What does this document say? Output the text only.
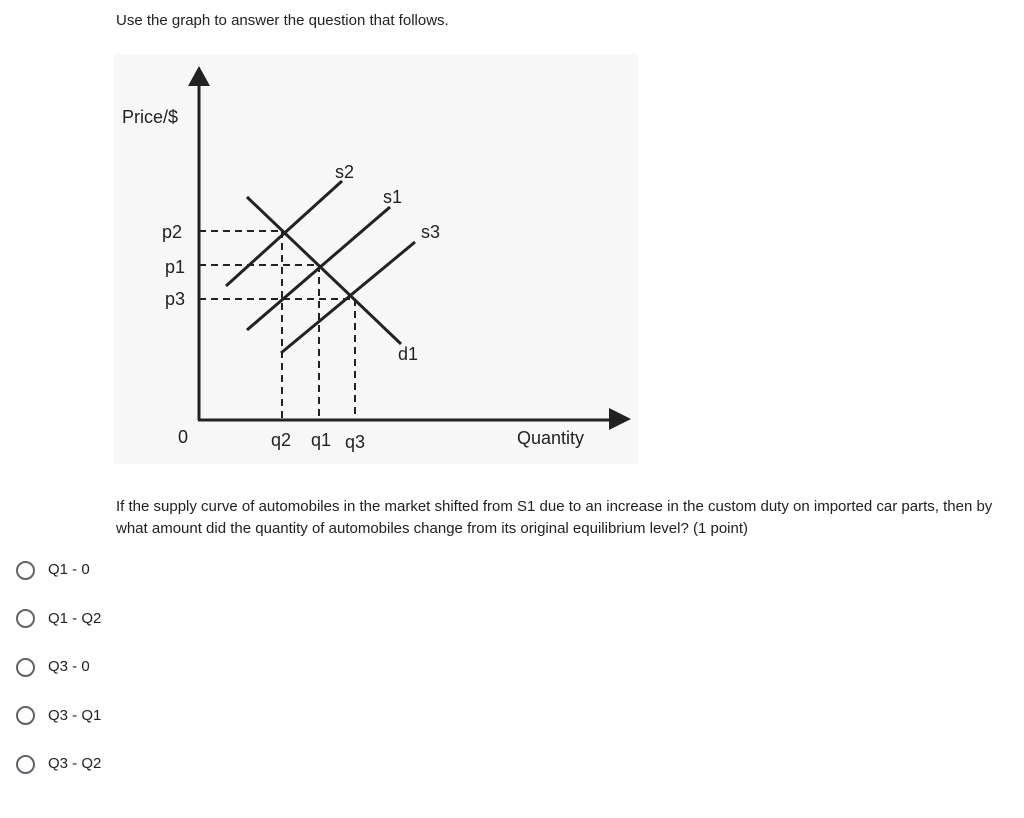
Use the graph to answer the question that follows.

Price/$
Quantity
0
p2
p1
p3
q2 q1 q3
s2
s1
s3
d1

If the supply curve of automobiles in the market shifted from S1 due to an increase in the custom duty on imported car parts, then by what amount did the quantity of automobiles change from its original equilibrium level? (1 point)

Q1 - 0
Q1 - Q2
Q3 - 0
Q3 - Q1
Q3 - Q2
